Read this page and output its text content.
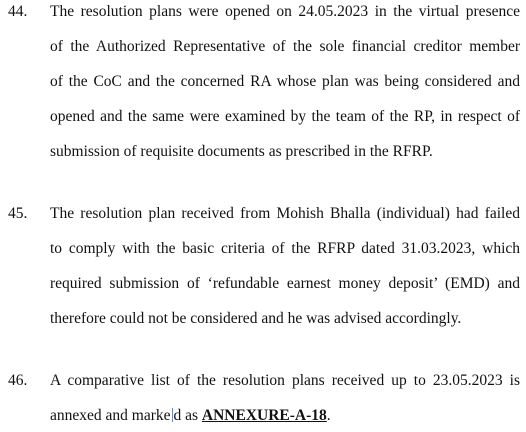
44. The resolution plans were opened on 24.05.2023 in the virtual presence
of the Authorized Representative of the sole financial creditor member
of the CoC and the concerned RA whose plan was being considered and
opened and the same were examined by the team of the RP, in respect of
submission of requisite documents as prescribed in the RFRP.
45. The resolution plan received from Mohish Bhalla (individual) had failed
to comply with the basic criteria of the RFRP dated 31.03.2023, which
required submission of ‘refundable earnest money deposit’ (EMD) and
therefore could not be considered and he was advised accordingly.
46. A comparative list of the resolution plans received up to 23.05.2023 is
annexed and marke d as ANNEXURE-A-18.
